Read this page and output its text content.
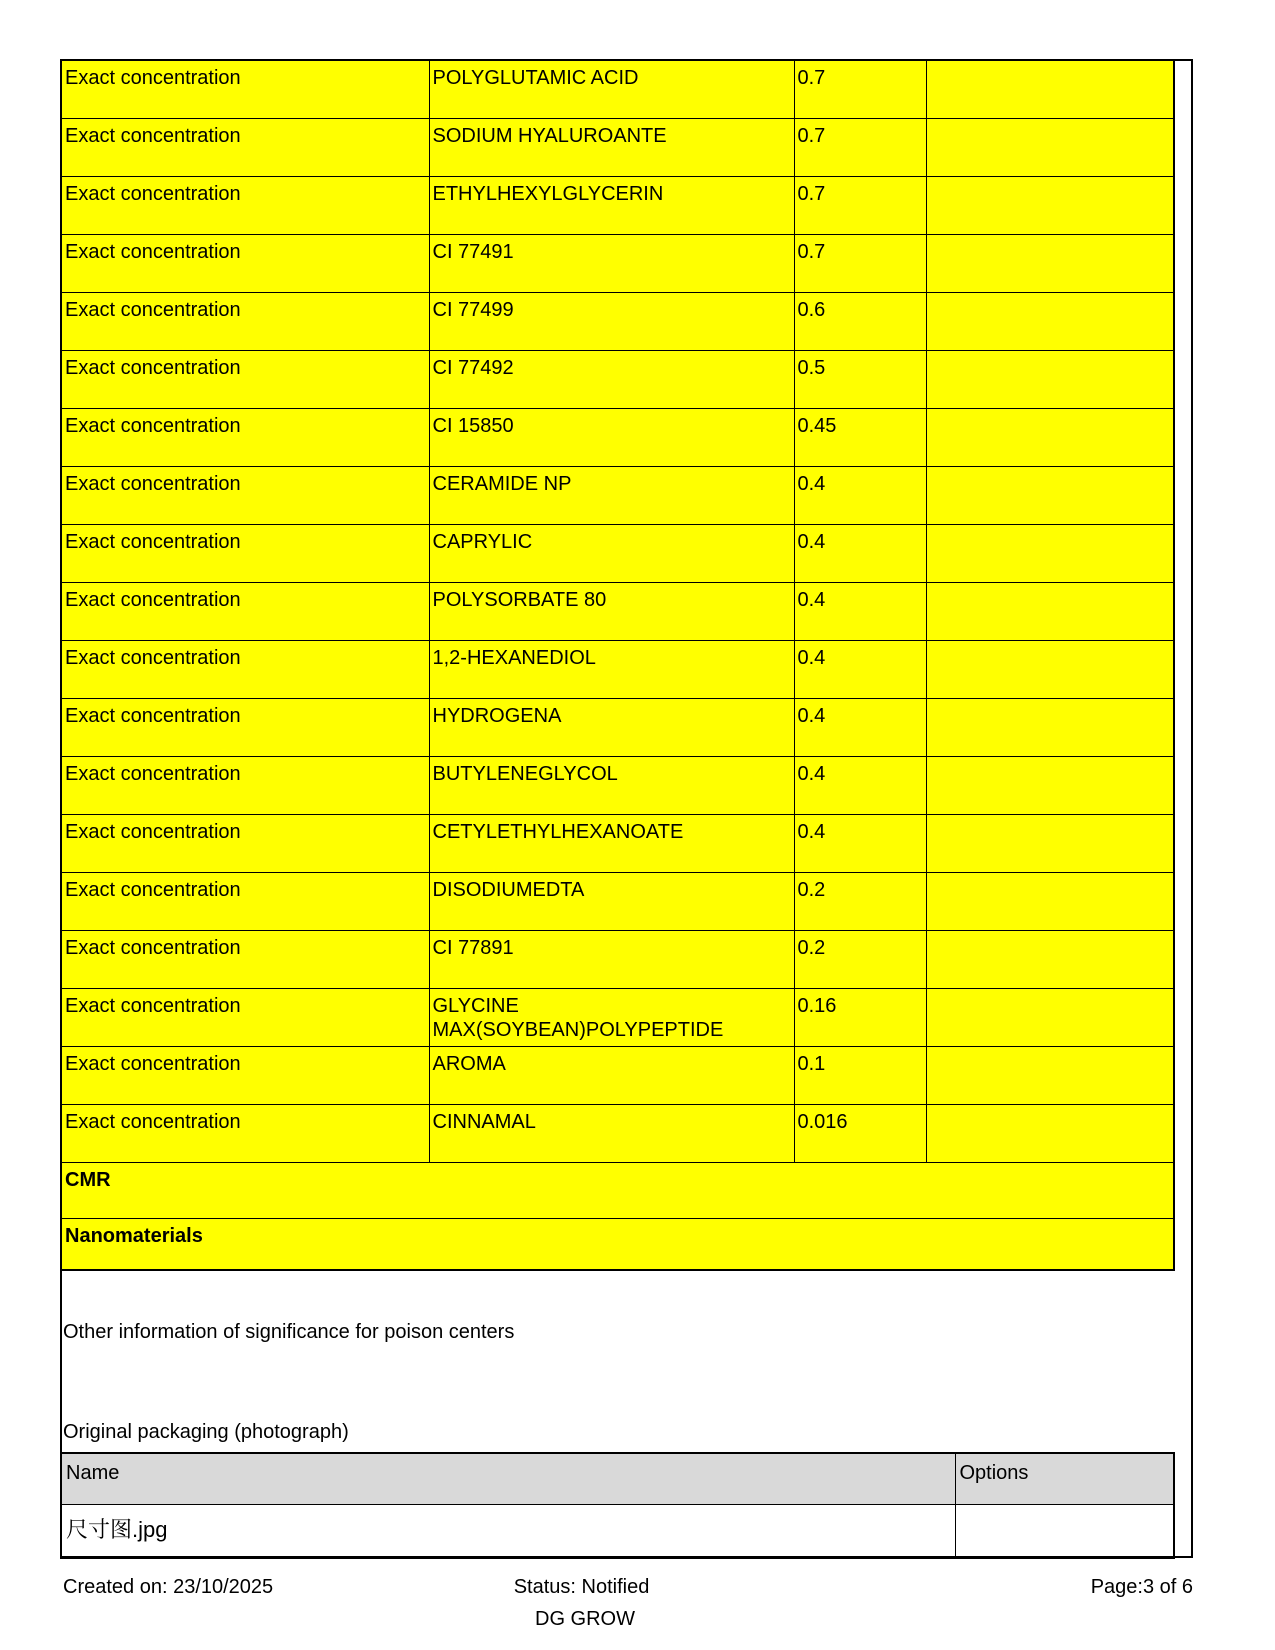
Exact concentration	POLYGLUTAMIC ACID	0.7	
Exact concentration	SODIUM HYALUROANTE	0.7	
Exact concentration	ETHYLHEXYLGLYCERIN	0.7	
Exact concentration	CI 77491	0.7	
Exact concentration	CI 77499	0.6	
Exact concentration	CI 77492	0.5	
Exact concentration	CI 15850	0.45	
Exact concentration	CERAMIDE NP	0.4	
Exact concentration	CAPRYLIC	0.4	
Exact concentration	POLYSORBATE 80	0.4	
Exact concentration	1,2-HEXANEDIOL	0.4	
Exact concentration	HYDROGENA	0.4	
Exact concentration	BUTYLENEGLYCOL	0.4	
Exact concentration	CETYLETHYLHEXANOATE	0.4	
Exact concentration	DISODIUMEDTA	0.2	
Exact concentration	CI 77891	0.2	
Exact concentration	GLYCINE MAX(SOYBEAN)POLYPEPTIDE	0.16	
Exact concentration	AROMA	0.1	
Exact concentration	CINNAMAL	0.016	
CMR			
Nanomaterials			
Other information of significance for poison centers
Original packaging (photograph)
Name	Options
尺寸图.jpg	
Created on: 23/10/2025	Status: Notified
DG GROW
Page:3 of 6
